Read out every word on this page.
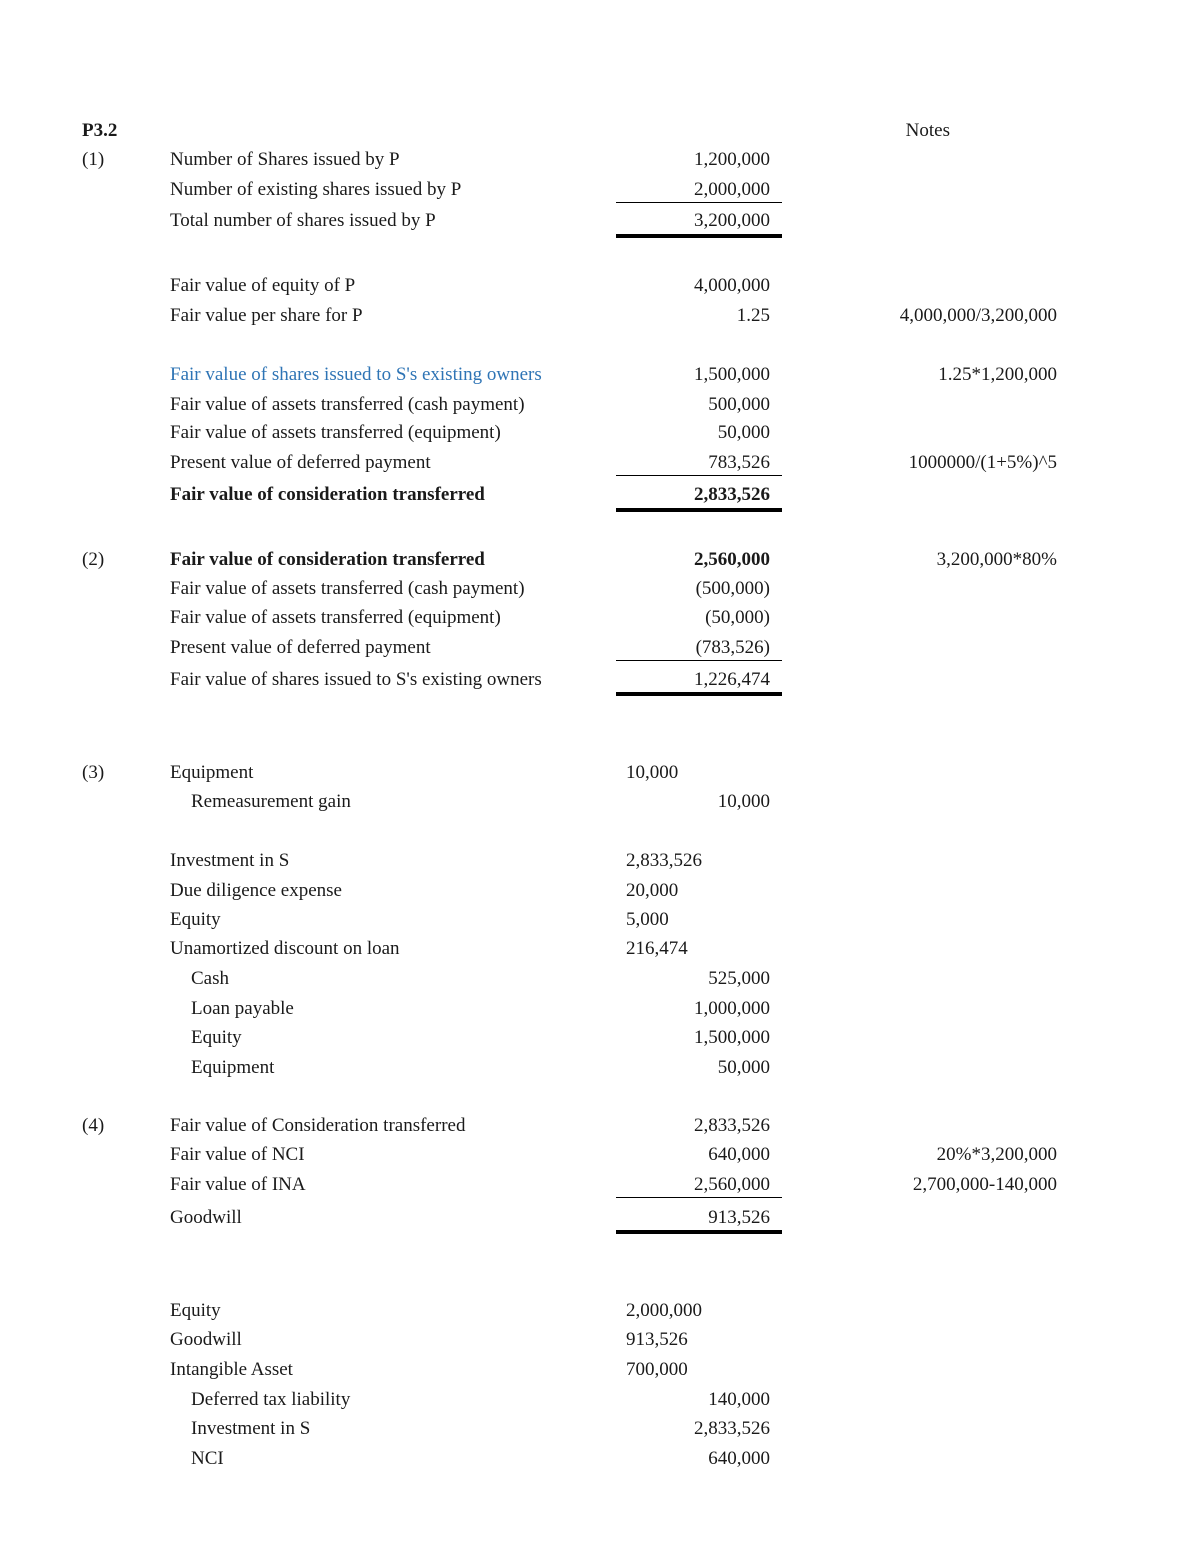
P3.2	Notes
(1)	Number of Shares issued by P	1,200,000
Number of existing shares issued by P	2,000,000
Total number of shares issued by P	3,200,000
Fair value of equity of P	4,000,000
Fair value per share for P	1.25	4,000,000/3,200,000
Fair value of shares issued to S's existing owners	1,500,000	1.25*1,200,000
Fair value of assets transferred (cash payment)	500,000
Fair value of assets transferred (equipment)	50,000
Present value of deferred payment	783,526	1000000/(1+5%)^5
Fair value of consideration transferred	2,833,526
(2)	Fair value of consideration transferred	2,560,000	3,200,000*80%
Fair value of assets transferred (cash payment)	(500,000)
Fair value of assets transferred (equipment)	(50,000)
Present value of deferred payment	(783,526)
Fair value of shares issued to S's existing owners	1,226,474
(3)	Equipment	10,000
Remeasurement gain	10,000
Investment in S	2,833,526
Due diligence expense	20,000
Equity	5,000
Unamortized discount on loan	216,474
Cash	525,000
Loan payable	1,000,000
Equity	1,500,000
Equipment	50,000
(4)	Fair value of Consideration transferred	2,833,526
Fair value of NCI	640,000	20%*3,200,000
Fair value of INA	2,560,000	2,700,000-140,000
Goodwill	913,526
Equity	2,000,000
Goodwill	913,526
Intangible Asset	700,000
Deferred tax liability	140,000
Investment in S	2,833,526
NCI	640,000
